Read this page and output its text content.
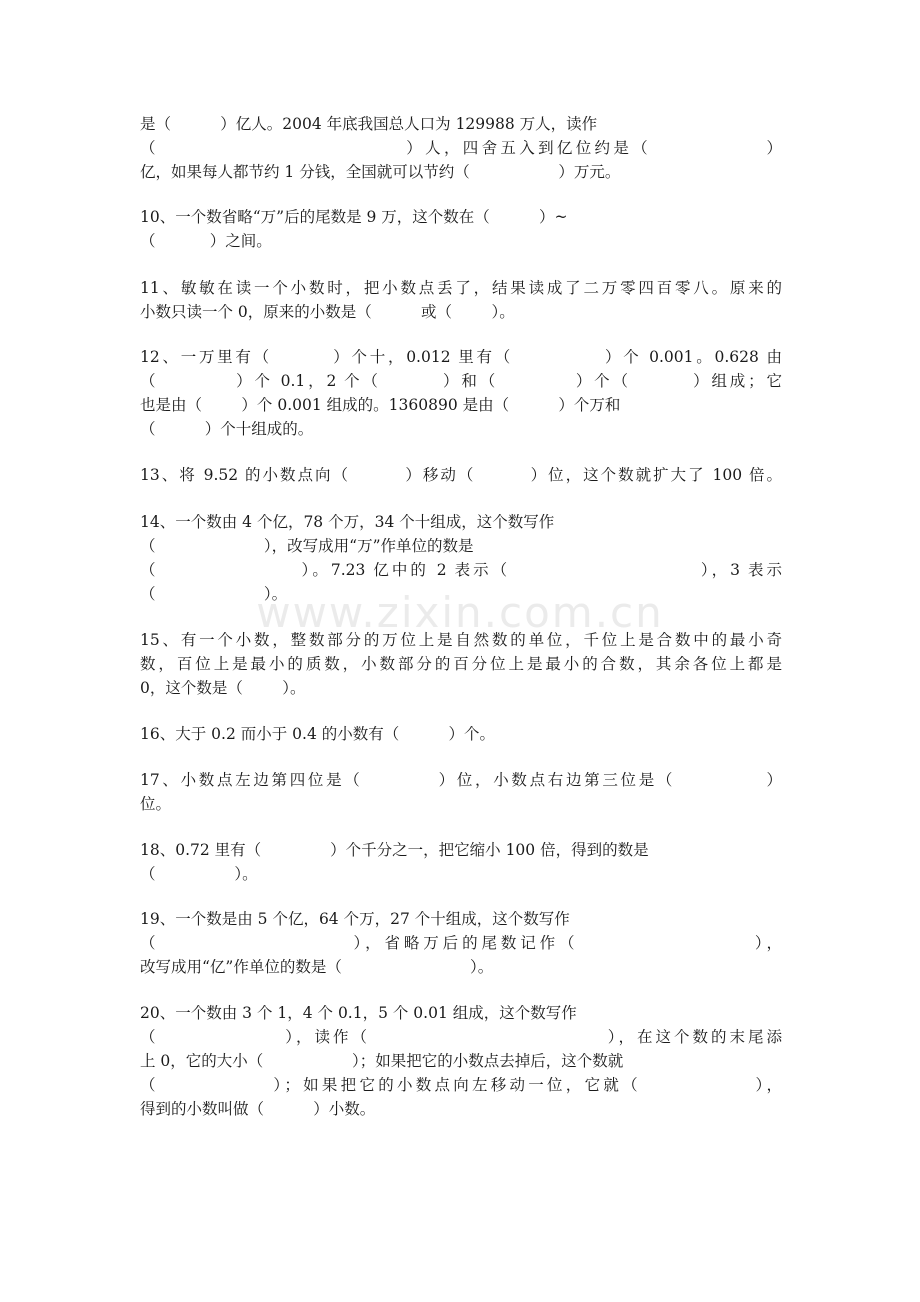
www.zixin.com.cn
是（          ）亿人。2004 年底我国总人口为 129988 万人，读作
（                              ）人，四舍五入到亿位约是（              ）
亿，如果每人都节约 1 分钱，全国就可以节约（                  ）万元。
10、一个数省略“万”后的尾数是 9 万，这个数在（          ）~
（           ）之间。
11、敏敏在读一个小数时，把小数点丢了，结果读成了二万零四百零八。原来的
小数只读一个 0，原来的小数是（          或（        ）。
12、一万里有（        ）个十，0.012 里有（            ）个 0.001。0.628 由
（          ）个 0.1，2 个（        ）和（          ）个（        ）组成；它
也是由（        ）个 0.001 组成的。1360890 是由（          ）个万和
（          ）个十组成的。
13、将 9.52 的小数点向（        ）移动（        ）位，这个数就扩大了 100 倍。
14、一个数由 4 个亿，78 个万，34 个十组成，这个数写作
（                      ），改写成用“万”作单位的数是
（                  ）。7.23 亿中的 2 表示（                        ），3 表示
（                      ）。
15、有一个小数，整数部分的万位上是自然数的单位，千位上是合数中的最小奇
数，百位上是最小的质数，小数部分的百分位上是最小的合数，其余各位上都是
0，这个数是（        ）。
16、大于 0.2 而小于 0.4 的小数有（          ）个。
17、小数点左边第四位是（          ）位，小数点右边第三位是（            ）
位。
18、0.72 里有（              ）个千分之一，把它缩小 100 倍，得到的数是
（                ）。
19、一个数是由 5 个亿，64 个万，27 个十组成，这个数写作
（                      ），省略万后的尾数记作（                    ），
改写成用“亿”作单位的数是（                          ）。
20、一个数由 3 个 1，4 个 0.1，5 个 0.01 组成，这个数写作
（                ），读作（                              ），在这个数的末尾添
上 0，它的大小（                  ）；如果把它的小数点去掉后，这个数就
（              ）；如果把它的小数点向左移动一位，它就（              ），
得到的小数叫做（          ）小数。
